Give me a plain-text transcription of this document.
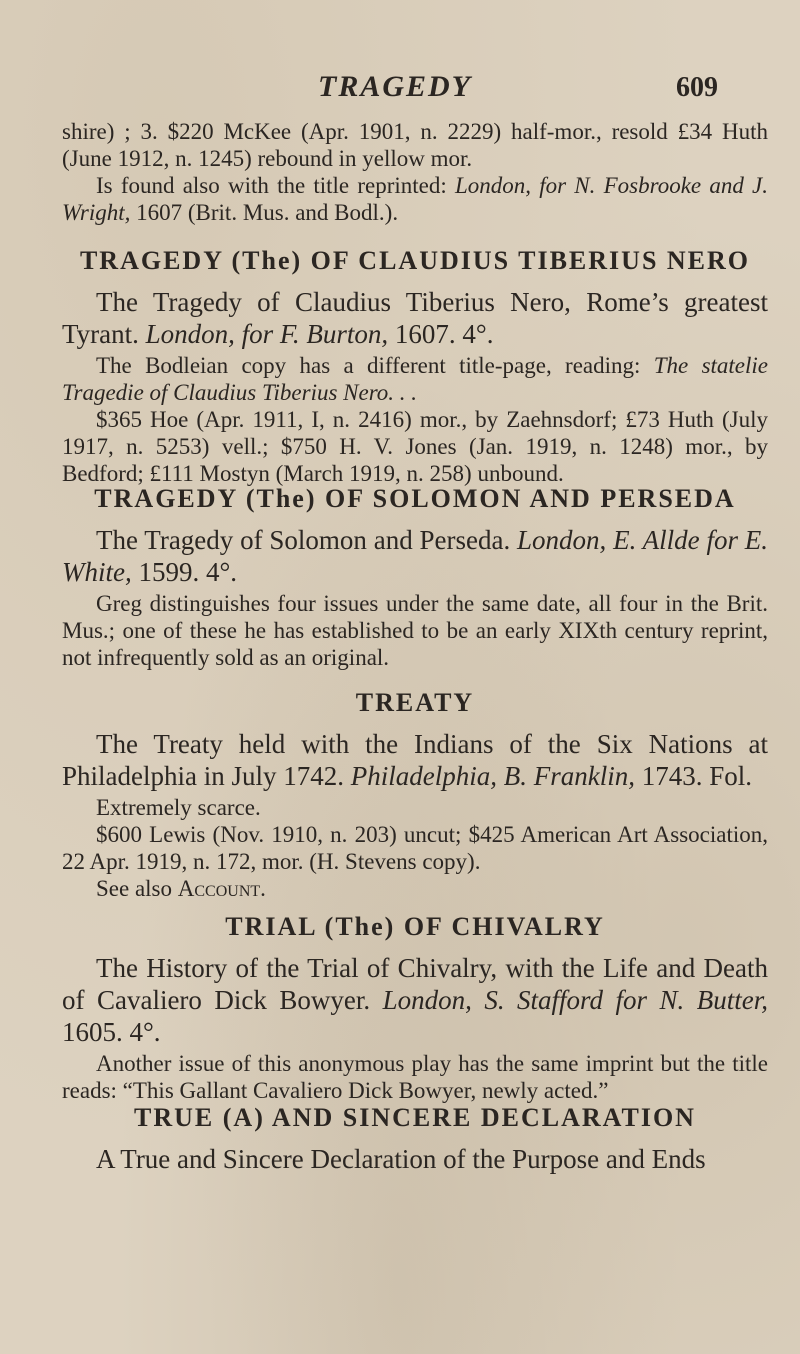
TRAGEDY	609

shire) ; 3. $220 McKee (Apr. 1901, n. 2229) half-mor., resold £34 Huth (June 1912, n. 1245) rebound in yellow mor.

Is found also with the title reprinted: London, for N. Fosbrooke and J. Wright, 1607 (Brit. Mus. and Bodl.).

TRAGEDY (The) OF CLAUDIUS TIBERIUS NERO

The Tragedy of Claudius Tiberius Nero, Rome’s greatest Tyrant. London, for F. Burton, 1607. 4°.

The Bodleian copy has a different title-page, reading: The statelie Tragedie of Claudius Tiberius Nero. . .

$365 Hoe (Apr. 1911, I, n. 2416) mor., by Zaehnsdorf; £73 Huth (July 1917, n. 5253) vell.; $750 H. V. Jones (Jan. 1919, n. 1248) mor., by Bedford; £111 Mostyn (March 1919, n. 258) unbound.

TRAGEDY (The) OF SOLOMON AND PERSEDA

The Tragedy of Solomon and Perseda. London, E. Allde for E. White, 1599. 4°.

Greg distinguishes four issues under the same date, all four in the Brit. Mus.; one of these he has established to be an early XIXth century reprint, not infrequently sold as an original.

TREATY

The Treaty held with the Indians of the Six Nations at Philadelphia in July 1742. Philadelphia, B. Franklin, 1743. Fol.

Extremely scarce.

$600 Lewis (Nov. 1910, n. 203) uncut; $425 American Art Association, 22 Apr. 1919, n. 172, mor. (H. Stevens copy).

See also Account.

TRIAL (The) OF CHIVALRY

The History of the Trial of Chivalry, with the Life and Death of Cavaliero Dick Bowyer. London, S. Stafford for N. Butter, 1605. 4°.

Another issue of this anonymous play has the same imprint but the title reads: “This Gallant Cavaliero Dick Bowyer, newly acted.”

TRUE (A) AND SINCERE DECLARATION

A True and Sincere Declaration of the Purpose and Ends
